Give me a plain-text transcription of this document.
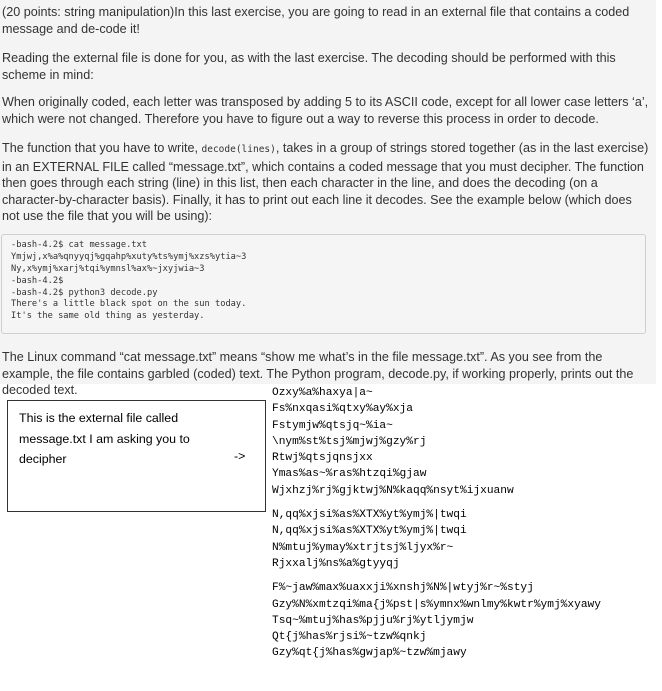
(20 points: string manipulation)In this last exercise, you are going to read in an external file that contains a coded message and de-code it!

Reading the external file is done for you, as with the last exercise. The decoding should be performed with this scheme in mind:

When originally coded, each letter was transposed by adding 5 to its ASCII code, except for all lower case letters ‘a’, which were not changed. Therefore you have to figure out a way to reverse this process in order to decode.

The function that you have to write, decode(lines), takes in a group of strings stored together (as in the last exercise) in an EXTERNAL FILE called “message.txt”, which contains a coded message that you must decipher. The function then goes through each string (line) in this list, then each character in the line, and does the decoding (on a character-by-character basis). Finally, it has to print out each line it decodes. See the example below (which does not use the file that you will be using):

-bash-4.2$ cat message.txt
Ymjwj,x%a%qnyyqj%gqahp%xuty%ts%ymj%xzs%ytia~3
Ny,x%ymj%xarj%tqi%ymnsl%ax%~jxyjwia~3
-bash-4.2$
-bash-4.2$ python3 decode.py
There's a little black spot on the sun today.
It's the same old thing as yesterday.

The Linux command “cat message.txt” means “show me what’s in the file message.txt”. As you see from the example, the file contains garbled (coded) text. The Python program, decode.py, if working properly, prints out the decoded text.

This is the external file called message.txt I am asking you to decipher	->
Ozxy%a%haxya|a~
Fs%nxqasi%qtxy%ay%xja
Fstymjw%qtsjq~%ia~
\nym%st%tsj%mjwj%gzy%rj
Rtwj%qtsjqnsjxx
Ymas%as~%ras%htzqi%gjaw
Wjxhzj%rj%gjktwj%N%kaqq%nsyt%ijxuanw
N,qq%xjsi%as%XTX%yt%ymj%|twqi
N,qq%xjsi%as%XTX%yt%ymj%|twqi
N%mtuj%ymay%xtrjtsj%ljyx%r~
Rjxxalj%ns%a%gtyyqj
F%~jaw%max%uaxxji%xnshj%N%|wtyj%r~%styj
Gzy%N%xmtzqi%ma{j%pst|s%ymnx%wnlmy%kwtr%ymj%xyawy
Tsq~%mtuj%has%pjju%rj%ytljymjw
Qt{j%has%rjsi%~tzw%qnkj
Gzy%qt{j%has%gwjap%~tzw%mjawy
